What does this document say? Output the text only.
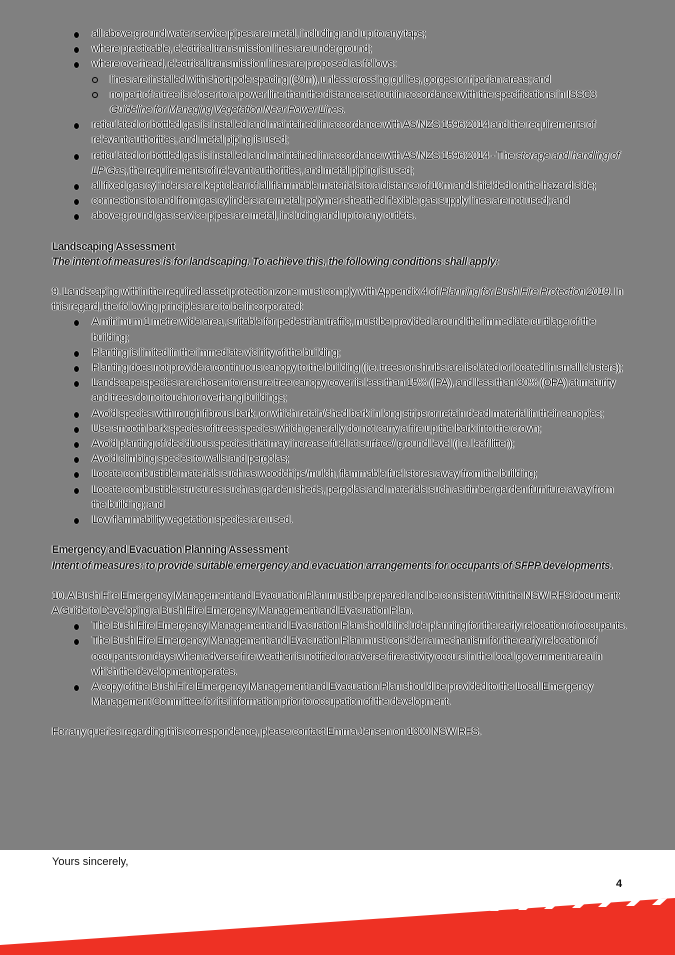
all above-ground water service pipes are metal, including and up to any taps;
where practicable, electrical transmission lines are underground;
where overhead, electrical transmission lines are proposed as follows:
lines are installed with short pole spacing (30m), unless crossing gullies, gorges or riparian areas; and
no part of a tree is closer to a power line than the distance set out in accordance with the specifications in ISSC3 Guideline for Managing Vegetation Near Power Lines.
reticulated or bottled gas is installed and maintained in accordance with AS/NZS 1596:2014 and the requirements of relevant authorities, and metal piping is used;
reticulated or bottled gas is installed and maintained in accordance with AS/NZS 1596:2014 - The storage and handling of LP Gas, the requirements of relevant authorities, and metal piping is used;
all fixed gas cylinders are kept clear of all flammable materials to a distance of 10m and shielded on the hazard side;
connections to and from gas cylinders are metal; polymer-sheathed flexible gas supply lines are not used; and
above-ground gas service pipes are metal, including and up to any outlets.

Landscaping Assessment

The intent of measures is for landscaping. To achieve this, the following conditions shall apply:

9. Landscaping within the required asset protection zone must comply with Appendix 4 of Planning for Bush Fire Protection 2019. In this regard, the following principles are to be incorporated:

A minimum 1 metre wide area, suitable for pedestrian traffic, must be provided around the immediate curtilage of the building;
Planting is limited in the immediate vicinity of the building;
Planting does not provide a continuous canopy to the building (i.e. trees or shrubs are isolated or located in small clusters);
Landscape species are chosen to ensure tree canopy cover is less than 15% (IPA), and less than 30% (OPA) at maturity and trees do no touch or overhang buildings;
Avoid species with rough fibrous bark, or which retain/shed bark in long strips or retain dead material in their canopies;
Use smooth bark species of trees species which generally do not carry a fire up the bark into the crown;
Avoid planting of deciduous species that may increase fuel at surface/ ground level (i.e. leaf litter);
Avoid climbing species to walls and pergolas;
Locate combustible materials such as woodchips/mulch, flammable fuel stores away from the building;
Locate combustible structures such as garden sheds, pergolas and materials such as timber garden furniture away from the building; and
Low flammability vegetation species are used.

Emergency and Evacuation Planning Assessment

Intent of measures: to provide suitable emergency and evacuation arrangements for occupants of SFPP developments.

10. A Bush Fire Emergency Management and Evacuation Plan must be prepared and be consistent with the NSW RFS document: A Guide to Developing a Bush Fire Emergency Management and Evacuation Plan.

The Bush Fire Emergency Management and Evacuation Plan should include planning for the early relocation of occupants.
The Bush Fire Emergency Management and Evacuation Plan must consider a mechanism for the early relocation of occupants on days when adverse fire weather is notified or adverse fire activity occurs in the local government area in which the development operates.
A copy of the Bush Fire Emergency Management and Evacuation Plan should be provided to the Local Emergency Management Committee for its information prior to occupation of the development.

For any queries regarding this correspondence, please contact Emma Jensen on 1300 NSW RFS.

Yours sincerely,
4
